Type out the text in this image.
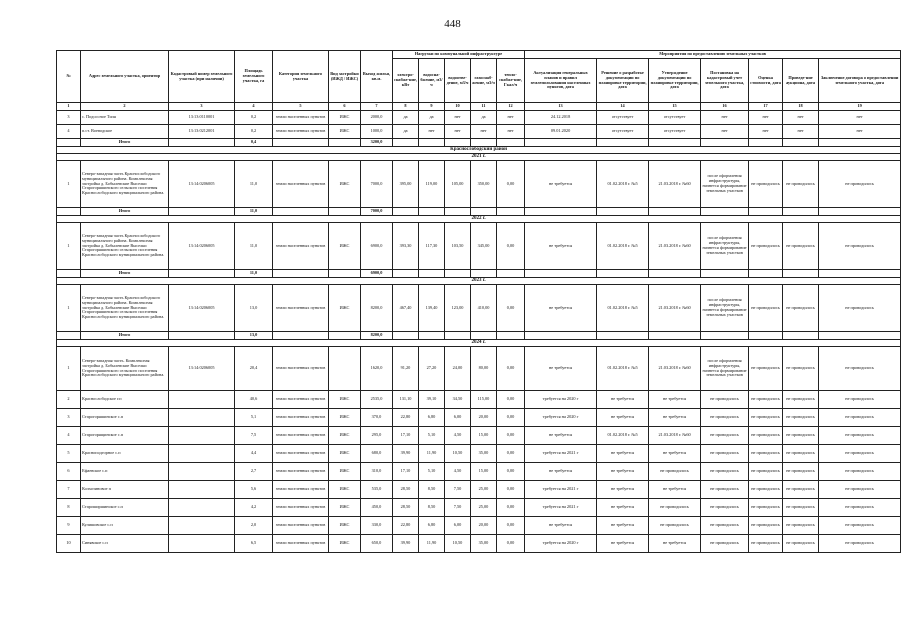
448
№	Адрес земельного участка, ориентир	Кадастровый номер земельного участка (при наличии)	Площадь земельного участка, га	Категория земельного участка	Вид застройки (ИЖД / ИЖС)	Выход жилья, кв.м.	Нагрузки по коммунальной инфраструктуре					Мероприятия по предоставлению земельных участков						
							электро-снабже-ние, кВт	водосна-бжение, м3/ч	водоотве-дение, м3/ч	газоснаб-жение, м3/ч	тепло-снабже-ние, Гкал/ч	Актуализация генеральных планов и правил землепользования населенных пунктов, дата	Решение о разработке документации по планировке территории, дата	Утверждение документации по планировке территории, дата	Постановка на кадастровый учет земельного участка, дата	Оценка стоимости, дата	Проведе-ние аукциона, дата	Заключение договора о предоставлении земельного участка, дата
1	2	3	4	5	6	7	8	9	10	11	12	13	14	15	16	17	18	19
3	с. Подсосное Тиля	13:13:0110001	0,2	земли населенных пунктов	ИЖС	2000,0	да	да	нет	да	нет	24.12.2018	отсутствует	отсутствует	нет	нет	нет	нет
4	п.ст. Воеводское	13:13:0212001	0,2	земли населенных пунктов	ИЖС	1000,0	да	нет	нет	нет	нет	09.01.2020	отсутствует	отсутствует	нет	нет	нет	нет
	Итого		0,4			3200,0												
Краснослободский район																		
2021 г.																		
1	Северо-западная часть Краснослободского муниципального района. Комплексная застройка д. Бобылевские Выселки Старогоряшинского сельского поселения Краснослободского муниципального района.	13:14:0206005	11,0	земли населенных пунктов	ИЖС	7000,0	395,00	119,00	105,00	350,00	0,00	не требуется	01.02.2018 г. №5	21.03.2018 г. №60	после оформления инфраструктуры, начнется формирование земельных участков	не проводилось	не проводилось	не проводилось
	Итого		11,0			7000,0												
2022 г.																		
1	Северо-западная часть Краснослободского муниципального района. Комплексная застройка д. Бобылевские Выселки Старогоряшинского сельского поселения Краснослободского муниципального района.	13:14:0206005	11,0	земли населенных пунктов	ИЖС	6900,0	393,30	117,30	103,50	345,00	0,00	не требуется	01.02.2018 г. №5	21.03.2018 г. №60	после оформления инфраструктуры, начнется формирование земельных участков	не проводилось	не проводилось	не проводилось
	Итого		11,0			6900,0												
2023 г.																		
1	Северо-западная часть Краснослободского муниципального района. Комплексная застройка д. Бобылевские Выселки Старогоряшинского сельского поселения Краснослободского муниципального района.	13:14:0206005	13,0	земли населенных пунктов	ИЖС	8200,0	467,40	139,40	123,00	410,00	0,00	не требуется	01.02.2018 г. №5	21.03.2018 г. №60	после оформления инфраструктуры, начнется формирование земельных участков	не проводилось	не проводилось	не проводилось
	Итого		13,0			8200,0												
2024 г.																		
1	Северо-западная часть. Комплексная застройка д. Бобылевские Выселки Старогоряшинского сельского поселения Краснослободского муниципального района.	13:14:0206005	20,4	земли населенных пунктов		1620,0	91,20	27,20	24,00	80,00	0,00	не требуется	01.02.2018 г. №5	21.03.2018 г. №60	после оформления инфраструктуры, начнется формирование земельных участков	не проводилось	не проводилось	не проводилось
2	Краснослободское г.п		40,6	земли населенных пунктов	ИЖС	2535,0	131,10	39,10	34,50	115,00	0,00	требуется на 2020 г	не требуется	не требуется	не проводилось	не проводилось	не проводилось	не проводилось
3	Старогоряшинское с.п		5,1	земли населенных пунктов	ИЖС	370,0	22,80	6,80	6,00	20,00	0,00	требуется на 2020 г	не требуется	не требуется	не проводилось	не проводилось	не проводилось	не проводилось
4	Старогорящинское с.п		7,5	земли населенных пунктов	ИЖС	295,0	17,10	5,10	4,50	15,00	0,00	не требуется	01.02.2018 г. №5	21.03.2018 г. №60	не проводилось	не проводилось	не проводилось	не проводилось
5	Красноподгорное с.п		4,4	земли населенных пунктов	ИЖС	680,0	39,90	11,90	10,50	35,00	0,00	требуется на 2021 г	не требуется	не требуется	не проводилось	не проводилось	не проводилось	не проводилось
6	Ефаевское с.п		2,7	земли населенных пунктов	ИЖС	310,0	17,10	5,10	4,50	15,00	0,00	не требуется	не требуется	не проводилось	не проводилось	не проводилось	не проводилось	не проводилось
7	Колхозиновое п		5,6	земли населенных пунктов	ИЖС	535,0	28,50	8,50	7,50	25,00	0,00	требуется на 2021 г	не требуется	не требуется	не проводилось	не проводилось	не проводилось	не проводилось
8	Староширшинское с.п		4,2	земли населенных пунктов	ИЖС	450,0	28,50	8,50	7,50	25,00	0,00	требуется на 2021 г	не требуется	не проводилось	не проводилось	не проводилось	не проводилось	не проводилось
9	Кулишовское с.п		2,0	земли населенных пунктов	ИЖС	330,0	22,80	6,80	6,00	20,00	0,00	не требуется	не требуется	не проводилось	не проводилось	не проводилось	не проводилось	не проводилось
10	Синявское с.п		6,5	земли населенных пунктов	ИЖС	650,0	39,90	11,90	10,50	35,00	0,00	требуется на 2020 г	не требуется	не требуется	не проводилось	не проводилось	не проводилось	не проводилось
